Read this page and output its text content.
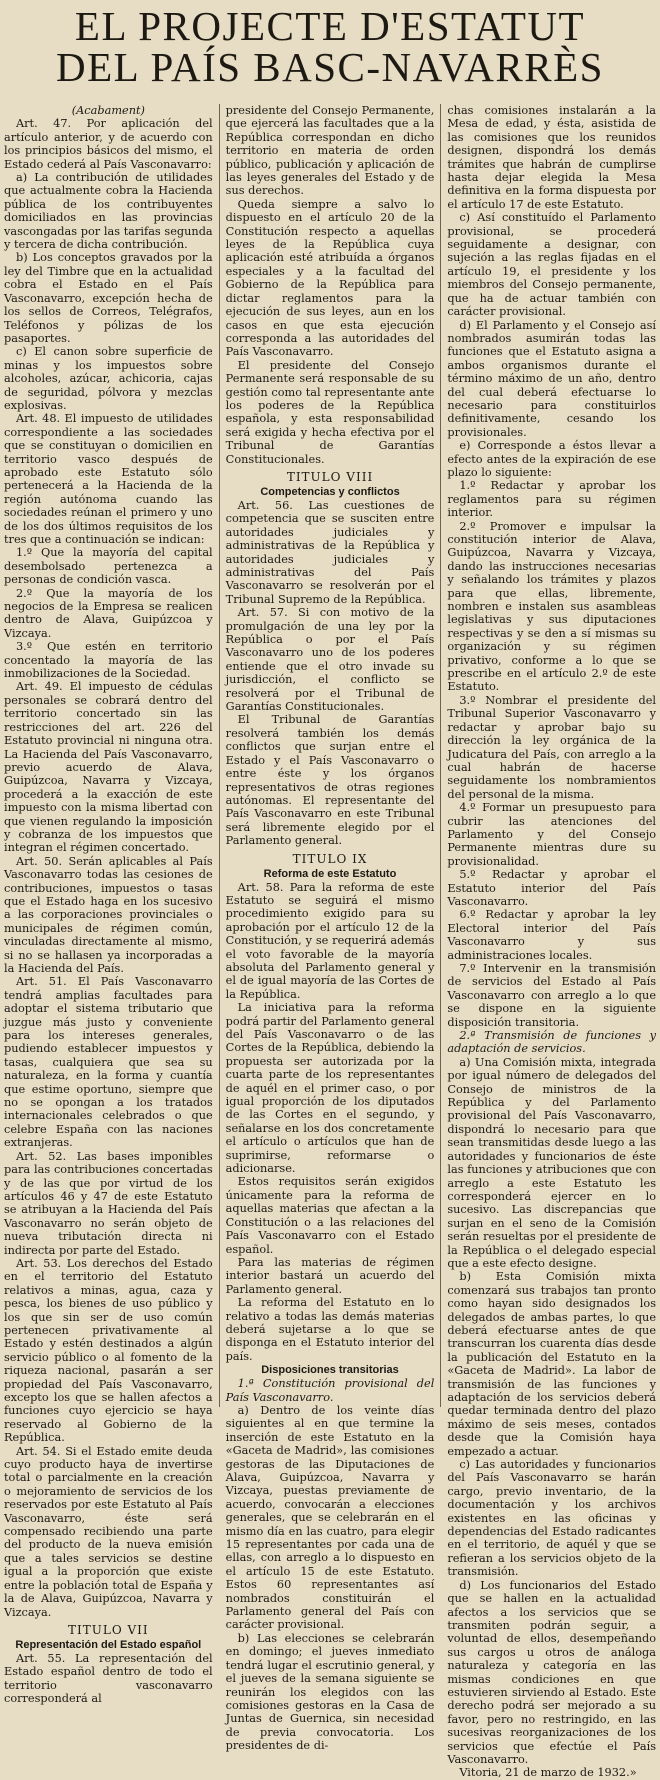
EL PROJECTE D'ESTATUT
DEL PAÍS BASC-NAVARRÈS

(Acabament)

Art. 47. Por aplicación del artículo anterior, y de acuerdo con los principios básicos del mismo, el Estado cederá al País Vasconavarro:

a) La contribución de utilidades que actualmente cobra la Hacienda pública de los contribuyentes domiciliados en las provincias vascongadas por las tarifas segunda y tercera de dicha contribución.

b) Los conceptos gravados por la ley del Timbre que en la actualidad cobra el Estado en el País Vasconavarro, excepción hecha de los sellos de Correos, Telégrafos, Teléfonos y pólizas de los pasaportes.

c) El canon sobre superficie de minas y los impuestos sobre alcoholes, azúcar, achicoria, cajas de seguridad, pólvora y mezclas explosivas.

Art. 48. El impuesto de utilidades correspondiente a las sociedades que se constituyan o domicilien en territorio vasco después de aprobado este Estatuto sólo pertenecerá a la Hacienda de la región autónoma cuando las sociedades reúnan el primero y uno de los dos últimos requisitos de los tres que a continuación se indican:

1.º Que la mayoría del capital desembolsado pertenezca a personas de condición vasca.

2.º Que la mayoría de los negocios de la Empresa se realicen dentro de Alava, Guipúzcoa y Vizcaya.

3.º Que estén en territorio concentado la mayoría de las inmobilizaciones de la Sociedad.

Art. 49. El impuesto de cédulas personales se cobrará dentro del territorio concertado sin las restricciones del art. 226 del Estatuto provincial ni ninguna otra. La Hacienda del País Vasconavarro, previo acuerdo de Alava, Guipúzcoa, Navarra y Vizcaya, procederá a la exacción de este impuesto con la misma libertad con que vienen regulando la imposición y cobranza de los impuestos que integran el régimen concertado.

Art. 50. Serán aplicables al País Vasconavarro todas las cesiones de contribuciones, impuestos o tasas que el Estado haga en los sucesivo a las corporaciones provinciales o municipales de régimen común, vinculadas directamente al mismo, si no se hallasen ya incorporadas a la Hacienda del País.

Art. 51. El País Vasconavarro tendrá amplias facultades para adoptar el sistema tributario que juzgue más justo y conveniente para los intereses generales, pudiendo establecer impuestos y tasas, cualquiera que sea su naturaleza, en la forma y cuantía que estime oportuno, siempre que no se opongan a los tratados internacionales celebrados o que celebre España con las naciones extranjeras.

Art. 52. Las bases imponibles para las contribuciones concertadas y de las que por virtud de los artículos 46 y 47 de este Estatuto se atribuyan a la Hacienda del País Vasconavarro no serán objeto de nueva tributación directa ni indirecta por parte del Estado.

Art. 53. Los derechos del Estado en el territorio del Estatuto relativos a minas, agua, caza y pesca, los bienes de uso público y los que sin ser de uso común pertenecen privativamente al Estado y estén destinados a algún servicio público o al fomento de la riqueza nacional, pasarán a ser propiedad del País Vasconavarro, excepto los que se hallen afectos a funciones cuyo ejercicio se haya reservado al Gobierno de la República.

Art. 54. Si el Estado emite deuda cuyo producto haya de invertirse total o parcialmente en la creación o mejoramiento de servicios de los reservados por este Estatuto al País Vasconavarro, éste será compensado recibiendo una parte del producto de la nueva emisión que a tales servicios se destine igual a la proporción que existe entre la población total de España y la de Alava, Guipúzcoa, Navarra y Vizcaya.

TITULO VII

Representación del Estado español

Art. 55. La representación del Estado español dentro de todo el territorio vasconavarro corresponderá al

presidente del Consejo Permanente, que ejercerá las facultades que a la República correspondan en dicho territorio en materia de orden público, publicación y aplicación de las leyes generales del Estado y de sus derechos.

Queda siempre a salvo lo dispuesto en el artículo 20 de la Constitución respecto a aquellas leyes de la República cuya aplicación esté atribuída a órganos especiales y a la facultad del Gobierno de la República para dictar reglamentos para la ejecución de sus leyes, aun en los casos en que esta ejecución corresponda a las autoridades del País Vasconavarro.

El presidente del Consejo Permanente será responsable de su gestión como tal representante ante los poderes de la República española, y esta responsabilidad será exigida y hecha efectiva por el Tribunal de Garantías Constitucionales.

TITULO VIII

Competencias y conflictos

Art. 56. Las cuestiones de competencia que se susciten entre autoridades judiciales y administrativas de la República y autoridades judiciales y administrativas del País Vasconavarro se resolverán por el Tribunal Supremo de la República.

Art. 57. Si con motivo de la promulgación de una ley por la República o por el País Vasconavarro uno de los poderes entiende que el otro invade su jurisdicción, el conflicto se resolverá por el Tribunal de Garantías Constitucionales.

El Tribunal de Garantías resolverá también los demás conflictos que surjan entre el Estado y el País Vasconavarro o entre éste y los órganos representativos de otras regiones autónomas. El representante del País Vasconavarro en este Tribunal será libremente elegido por el Parlamento general.

TITULO IX

Reforma de este Estatuto

Art. 58. Para la reforma de este Estatuto se seguirá el mismo procedimiento exigido para su aprobación por el artículo 12 de la Constitución, y se requerirá además el voto favorable de la mayoría absoluta del Parlamento general y el de igual mayoría de las Cortes de la República.

La iniciativa para la reforma podrá partir del Parlamento general del País Vasconavarro o de las Cortes de la República, debiendo la propuesta ser autorizada por la cuarta parte de los representantes de aquél en el primer caso, o por igual proporción de los diputados de las Cortes en el segundo, y señalarse en los dos concretamente el artículo o artículos que han de suprimirse, reformarse o adicionarse.

Estos requisitos serán exigidos únicamente para la reforma de aquellas materias que afectan a la Constitución o a las relaciones del País Vasconavarro con el Estado español.

Para las materias de régimen interior bastará un acuerdo del Parlamento general.

La reforma del Estatuto en lo relativo a todas las demás materias deberá sujetarse a lo que se disponga en el Estatuto interior del país.

Disposiciones transitorias

1.ª Constitución provisional del País Vasconavarro.

a) Dentro de los veinte días siguientes al en que termine la inserción de este Estatuto en la «Gaceta de Madrid», las comisiones gestoras de las Diputaciones de Alava, Guipúzcoa, Navarra y Vizcaya, puestas previamente de acuerdo, convocarán a elecciones generales, que se celebrarán en el mismo día en las cuatro, para elegir 15 representantes por cada una de ellas, con arreglo a lo dispuesto en el artículo 15 de este Estatuto. Estos 60 representantes así nombrados constituirán el Parlamento general del País con carácter provisional.

b) Las elecciones se celebrarán en domingo; el jueves inmediato tendrá lugar el escrutinio general, y el jueves de la semana siguiente se reunirán los elegidos con las comisiones gestoras en la Casa de Juntas de Guernica, sin necesidad de previa convocatoria. Los presidentes de di-

chas comisiones instalarán a la Mesa de edad, y ésta, asistida de las comisiones que los reunidos designen, dispondrá los demás trámites que habrán de cumplirse hasta dejar elegida la Mesa definitiva en la forma dispuesta por el artículo 17 de este Estatuto.

c) Así constituído el Parlamento provisional, se procederá seguidamente a designar, con sujeción a las reglas fijadas en el artículo 19, el presidente y los miembros del Consejo permanente, que ha de actuar también con carácter provisional.

d) El Parlamento y el Consejo así nombrados asumirán todas las funciones que el Estatuto asigna a ambos organismos durante el término máximo de un año, dentro del cual deberá efectuarse lo necesario para constituirlos definitivamente, cesando los provisionales.

e) Corresponde a éstos llevar a efecto antes de la expiración de ese plazo lo siguiente:

1.º Redactar y aprobar los reglamentos para su régimen interior.

2.º Promover e impulsar la constitución interior de Alava, Guipúzcoa, Navarra y Vizcaya, dando las instrucciones necesarias y señalando los trámites y plazos para que ellas, libremente, nombren e instalen sus asambleas legislativas y sus diputaciones respectivas y se den a sí mismas su organización y su régimen privativo, conforme a lo que se prescribe en el artículo 2.º de este Estatuto.

3.º Nombrar el presidente del Tribunal Superior Vasconavarro y redactar y aprobar bajo su dirección la ley orgánica de la Judicatura del País, con arreglo a la cual habrán de hacerse seguidamente los nombramientos del personal de la misma.

4.º Formar un presupuesto para cubrir las atenciones del Parlamento y del Consejo Permanente mientras dure su provisionalidad.

5.º Redactar y aprobar el Estatuto interior del País Vasconavarro.

6.º Redactar y aprobar la ley Electoral interior del País Vasconavarro y sus administraciones locales.

7.º Intervenir en la transmisión de servicios del Estado al País Vasconavarro con arreglo a lo que se dispone en la siguiente disposición transitoria.

2.ª Transmisión de funciones y adaptación de servicios.

a) Una Comisión mixta, integrada por igual número de delegados del Consejo de ministros de la República y del Parlamento provisional del País Vasconavarro, dispondrá lo necesario para que sean transmitidas desde luego a las autoridades y funcionarios de éste las funciones y atribuciones que con arreglo a este Estatuto les corresponderá ejercer en lo sucesivo. Las discrepancias que surjan en el seno de la Comisión serán resueltas por el presidente de la República o el delegado especial que a este efecto designe.

b) Esta Comisión mixta comenzará sus trabajos tan pronto como hayan sido designados los delegados de ambas partes, lo que deberá efectuarse antes de que transcurran los cuarenta días desde la publicación del Estatuto en la «Gaceta de Madrid». La labor de transmisión de las funciones y adaptación de los servicios deberá quedar terminada dentro del plazo máximo de seis meses, contados desde que la Comisión haya empezado a actuar.

c) Las autoridades y funcionarios del País Vasconavarro se harán cargo, previo inventario, de la documentación y los archivos existentes en las oficinas y dependencias del Estado radicantes en el territorio, de aquél y que se refieran a los servicios objeto de la transmisión.

d) Los funcionarios del Estado que se hallen en la actualidad afectos a los servicios que se transmiten podrán seguir, a voluntad de ellos, desempeñando sus cargos u otros de análoga naturaleza y categoría en las mismas condiciones en que estuvieren sirviendo al Estado. Este derecho podrá ser mejorado a su favor, pero no restringido, en las sucesivas reorganizaciones de los servicios que efectúe el País Vasconavarro.

Vitoria, 21 de marzo de 1932.»
